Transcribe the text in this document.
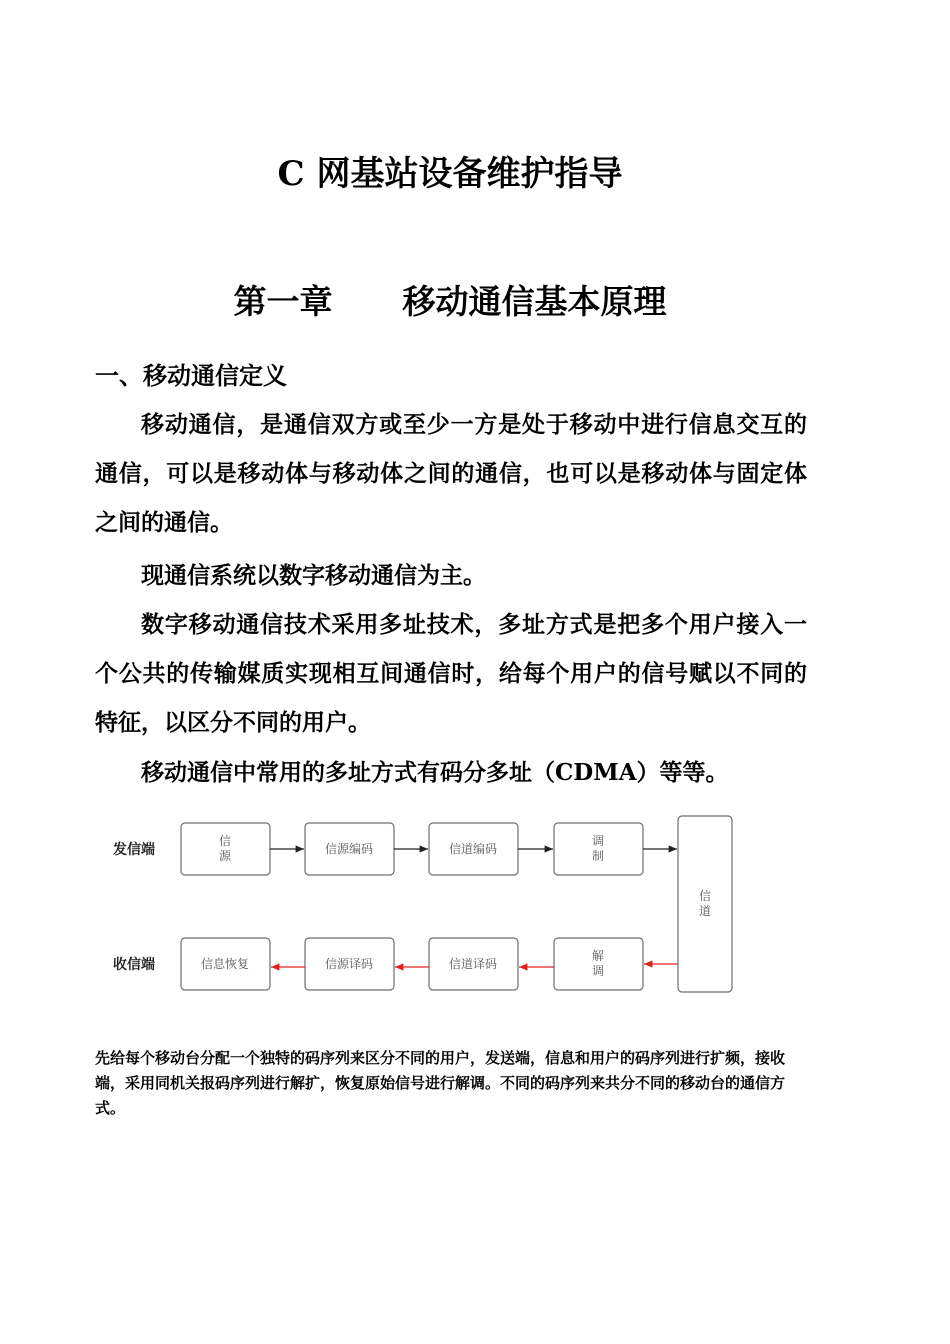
C 网基站设备维护指导
第一章 移动通信基本原理
一、移动通信定义

移动通信，是通信双方或至少一方是处于移动中进行信息交互的通信，可以是移动体与移动体之间的通信，也可以是移动体与固定体之间的通信。

现通信系统以数字移动通信为主。

数字移动通信技术采用多址技术，多址方式是把多个用户接入一个公共的传输媒质实现相互间通信时，给每个用户的信号赋以不同的特征，以区分不同的用户。

移动通信中常用的多址方式有码分多址（CDMA）等等。

发信端
收信端
信
源	信源编码	信道编码
调
制
信
道
信息恢复	信源译码	信道译码
解
调

先给每个移动台分配一个独特的码序列来区分不同的用户，发送端，信息和用户的码序列进行扩频，接收端，采用同机关报码序列进行解扩，恢复原始信号进行解调。不同的码序列来共分不同的移动台的通信方式。
